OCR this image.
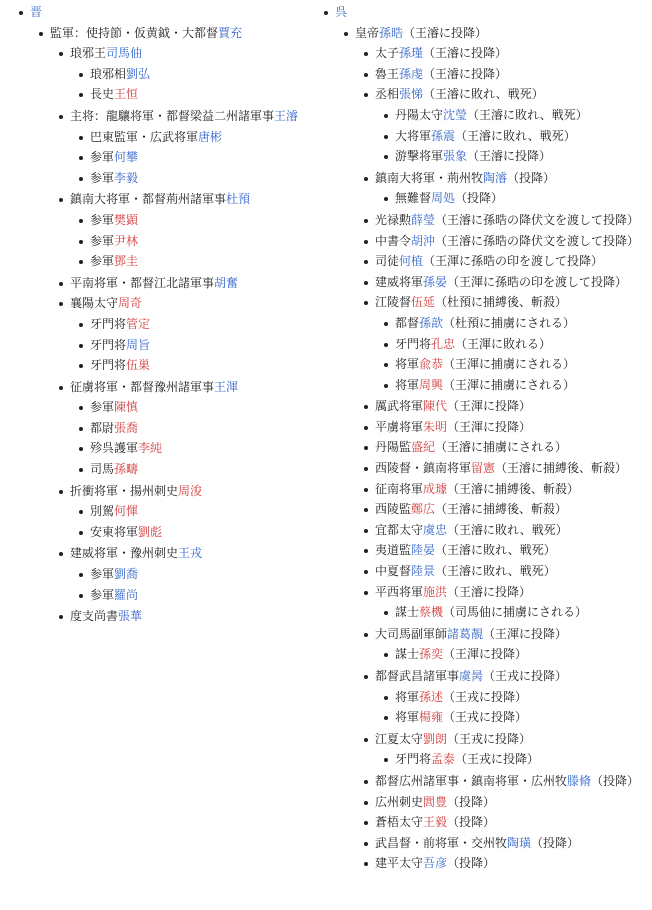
晋
監軍：使持節・仮黄鉞・大都督賈充
琅邪王司馬伷
琅邪相劉弘
長史王恒
主将：龍驤将軍・都督梁益二州諸軍事王濬
巴東監軍・広武将軍唐彬
参軍何攀
参軍李毅
鎮南大将軍・都督荊州諸軍事杜預
参軍樊顕
参軍尹林
参軍鄧圭
平南将軍・都督江北諸軍事胡奮
襄陽太守周奇
牙門将管定
牙門将周旨
牙門将伍巣
征虜将軍・都督豫州諸軍事王渾
参軍陳慎
都尉張喬
殄呉護軍李純
司馬孫疇
折衝将軍・揚州刺史周浚
別駕何惲
安東将軍劉彪
建威将軍・豫州刺史王戎
参軍劉喬
参軍羅尚
度支尚書張華
呉
皇帝孫晧（王濬に投降）
太子孫瑾（王濬に投降）
魯王孫虔（王濬に投降）
丞相張悌（王濬に敗れ、戦死）
丹陽太守沈瑩（王濬に敗れ、戦死）
大将軍孫震（王濬に敗れ、戦死）
游撃将軍張象（王濬に投降）
鎮南大将軍・荊州牧陶濬（投降）
無難督周処（投降）
光禄勲薛瑩（王濬に孫晧の降伏文を渡して投降）
中書令胡沖（王濬に孫晧の降伏文を渡して投降）
司徒何植（王渾に孫晧の印を渡して投降）
建威将軍孫晏（王渾に孫晧の印を渡して投降）
江陵督伍延（杜預に捕縛後、斬殺）
都督孫歆（杜預に捕虜にされる）
牙門将孔忠（王渾に敗れる）
将軍兪恭（王渾に捕虜にされる）
将軍周興（王渾に捕虜にされる）
厲武将軍陳代（王渾に投降）
平虜将軍朱明（王渾に投降）
丹陽監盛紀（王濬に捕虜にされる）
西陵督・鎮南将軍留憲（王濬に捕縛後、斬殺）
征南将軍成璩（王濬に捕縛後、斬殺）
西陵監鄭広（王濬に捕縛後、斬殺）
宜都太守虞忠（王濬に敗れ、戦死）
夷道監陸晏（王濬に敗れ、戦死）
中夏督陸景（王濬に敗れ、戦死）
平西将軍施洪（王濬に投降）
謀士蔡機（司馬伷に捕虜にされる）
大司馬副軍師諸葛靚（王渾に投降）
謀士孫奕（王渾に投降）
都督武昌諸軍事虞昺（王戎に投降）
将軍孫述（王戎に投降）
将軍楊雍（王戎に投降）
江夏太守劉朗（王戎に投降）
牙門将孟泰（王戎に投降）
都督広州諸軍事・鎮南将軍・広州牧滕脩（投降）
広州刺史閭豊（投降）
蒼梧太守王毅（投降）
武昌督・前将軍・交州牧陶璜（投降）
建平太守吾彦（投降）
